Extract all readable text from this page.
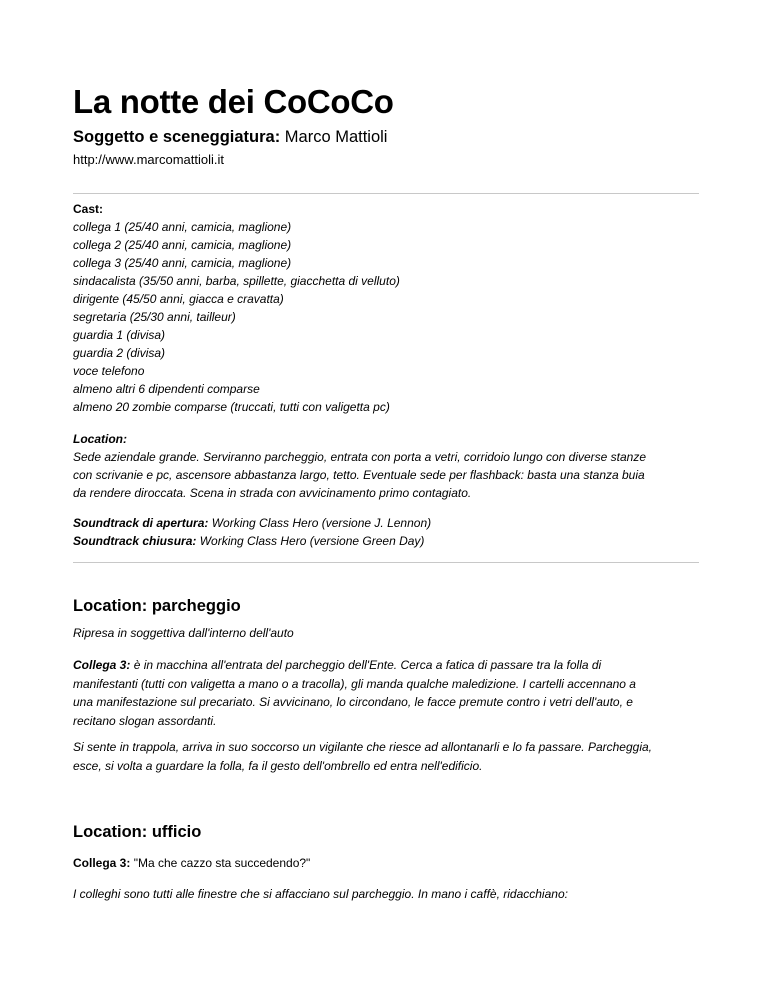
La notte dei CoCoCo
Soggetto e sceneggiatura: Marco Mattioli
http://www.marcomattioli.it
Cast:
collega 1 (25/40 anni, camicia, maglione)
collega 2 (25/40 anni, camicia, maglione)
collega 3 (25/40 anni, camicia, maglione)
sindacalista (35/50 anni, barba, spillette, giacchetta di velluto)
dirigente (45/50 anni, giacca e cravatta)
segretaria (25/30 anni, tailleur)
guardia 1 (divisa)
guardia 2 (divisa)
voce telefono
almeno altri 6 dipendenti comparse
almeno 20 zombie comparse (truccati, tutti con valigetta pc)
Location:
Sede aziendale grande. Serviranno parcheggio, entrata con porta a vetri, corridoio lungo con diverse stanze
con scrivanie e pc, ascensore abbastanza largo, tetto. Eventuale sede per flashback: basta una stanza buia
da rendere diroccata. Scena in strada con avvicinamento primo contagiato.
Soundtrack di apertura: Working Class Hero (versione J. Lennon)
Soundtrack chiusura: Working Class Hero (versione Green Day)
Location: parcheggio
Ripresa in soggettiva dall'interno dell'auto
Collega 3: è in macchina all'entrata del parcheggio dell'Ente. Cerca a fatica di passare tra la folla di
manifestanti (tutti con valigetta a mano o a tracolla), gli manda qualche maledizione. I cartelli accennano a
una manifestazione sul precariato. Si avvicinano, lo circondano, le facce premute contro i vetri dell'auto, e
recitano slogan assordanti.
Si sente in trappola, arriva in suo soccorso un vigilante che riesce ad allontanarli e lo fa passare. Parcheggia,
esce, si volta a guardare la folla, fa il gesto dell'ombrello ed entra nell'edificio.
Location: ufficio
Collega 3: "Ma che cazzo sta succedendo?"
I colleghi sono tutti alle finestre che si affacciano sul parcheggio. In mano i caffè, ridacchiano:
